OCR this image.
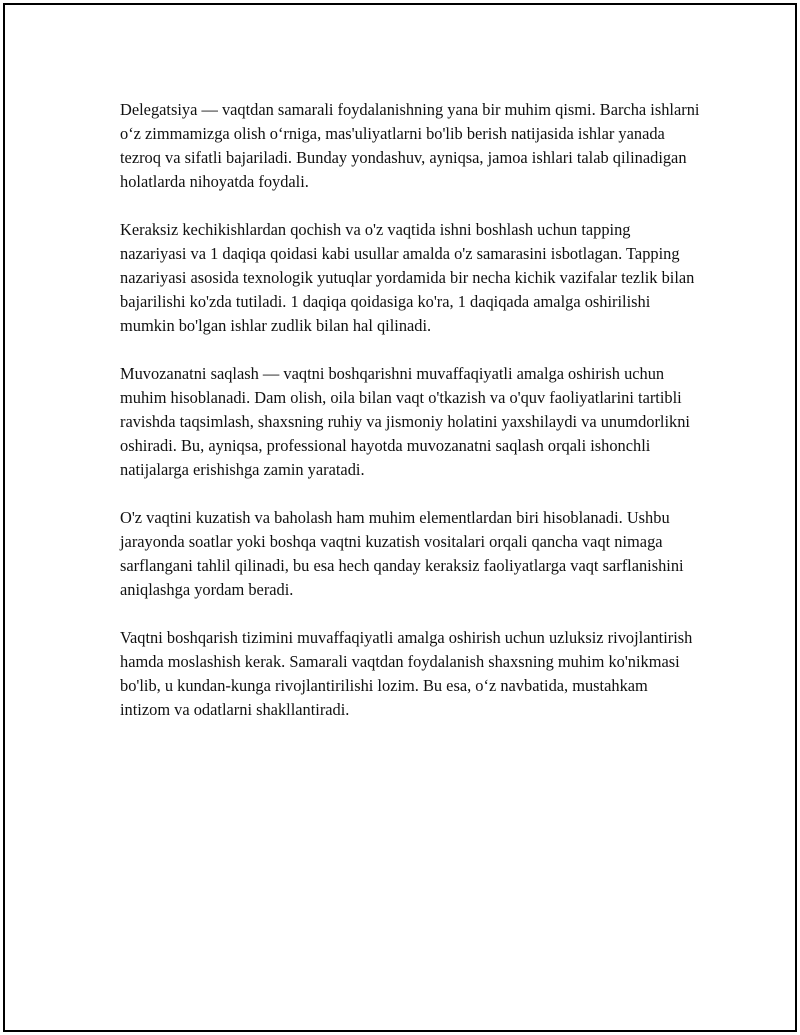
Delegatsiya — vaqtdan samarali foydalanishning yana bir muhim qismi. Barcha ishlarni o‘z zimmamizga olish o‘rniga, mas'uliyatlarni bo'lib berish natijasida ishlar yanada tezroq va sifatli bajariladi. Bunday yondashuv, ayniqsa, jamoa ishlari talab qilinadigan holatlarda nihoyatda foydali.

Keraksiz kechikishlardan qochish va o'z vaqtida ishni boshlash uchun tapping nazariyasi va 1 daqiqa qoidasi kabi usullar amalda o'z samarasini isbotlagan. Tapping nazariyasi asosida texnologik yutuqlar yordamida bir necha kichik vazifalar tezlik bilan bajarilishi ko'zda tutiladi. 1 daqiqa qoidasiga ko'ra, 1 daqiqada amalga oshirilishi mumkin bo'lgan ishlar zudlik bilan hal qilinadi.

Muvozanatni saqlash — vaqtni boshqarishni muvaffaqiyatli amalga oshirish uchun muhim hisoblanadi. Dam olish, oila bilan vaqt o'tkazish va o'quv faoliyatlarini tartibli ravishda taqsimlash, shaxsning ruhiy va jismoniy holatini yaxshilaydi va unumdorlikni oshiradi. Bu, ayniqsa, professional hayotda muvozanatni saqlash orqali ishonchli natijalarga erishishga zamin yaratadi.

O'z vaqtini kuzatish va baholash ham muhim elementlardan biri hisoblanadi. Ushbu jarayonda soatlar yoki boshqa vaqtni kuzatish vositalari orqali qancha vaqt nimaga sarflangani tahlil qilinadi, bu esa hech qanday keraksiz faoliyatlarga vaqt sarflanishini aniqlashga yordam beradi.

Vaqtni boshqarish tizimini muvaffaqiyatli amalga oshirish uchun uzluksiz rivojlantirish hamda moslashish kerak. Samarali vaqtdan foydalanish shaxsning muhim ko'nikmasi bo'lib, u kundan-kunga rivojlantirilishi lozim. Bu esa, o‘z navbatida, mustahkam intizom va odatlarni shakllantiradi.
